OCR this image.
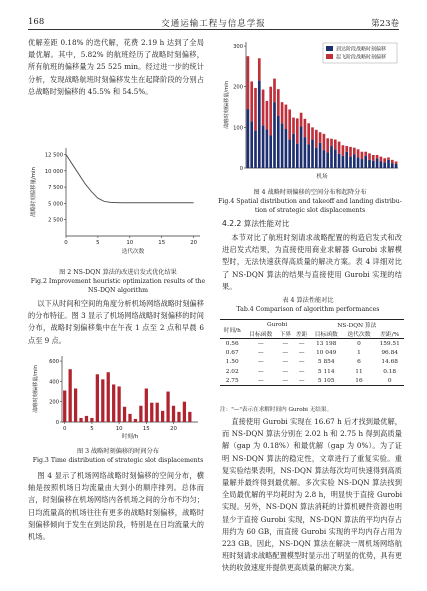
168	交通运输工程与信息学报	第23卷

优解差距 0.18% 的迭代解，花费 2.19 h 达到了全局最优解。其中，5.82% 的航班经历了战略时刻偏移，所有航班的偏移量为 25 525 min。经过进一步的统计分析，发现战略航班时刻偏移发生在起降阶段的分别占总战略时刻偏移的 45.5% 和 54.5%。

2 500
5 000
7 500
10 000
12 500
0	5	10	15	20
迭代次数
战略时刻偏移量/min
图 2 NS-DQN 算法的改进启发式优化结果
Fig.2 Improvement heuristic optimization results of the
NS-DQN algorithm

以下从时间和空间的角度分析机场网络战略时刻偏移的分布特征。图 3 显示了机场网络战略时刻偏移的时间分布，战略时刻偏移集中在午夜 1 点至 2 点和早晨 6 点至 9 点。

0
200
400
600
0	5	10	15	20
时刻/h
战略时刻偏移量/min
图 3 战略时刻偏移的时间分布
Fig.3 Time distribution of strategic slot displacements

图 4 显示了机场网络战略时刻偏移的空间分布，横轴是按照机场日均流量由大到小的顺序排列。总体而言，时刻偏移在机场网络内各机场之间的分布不均匀；日均流量高的机场往往有更多的战略时刻偏移，战略时刻偏移倾向于发生在到达阶段，特别是在日均流量大的机场。

0
100
200
300
机场
战略时刻偏移量/min
到达阶段战略时刻偏移
起飞阶段战略时刻偏移
图 4 战略时刻偏移的空间分布和起降分布
Fig.4 Spatial distribution and takeoff and landing distribu-
tion of strategic slot displacements
4.2.2 算法性能对比

本节对比了航班时刻请求战略配置的构造启发式和改进启发式结果，为直接使用商业求解器 Gurobi 求解模型时，无法快速获得高质量的解决方案。表 4 详细对比了 NS-DQN 算法的结果与直接使用 Gurobi 实现的结果。

表 4 算法性能对比
Tab.4 Comparison of algorithm performances
时间/h	Gurobi			NS-DQN 算法		
	目标函数	下界	差距	目标函数	迭代次数	差距/%
0.56	—	—	—	13 198	0	159.51
0.67	—	—	—	10 049	1	96.84
1.50	—	—	—	5 854	6	14.68
2.02	—	—	—	5 114	11	0.18
2.75	—	—	—	5 105	16	0
注："—"表示在求解时间内 Gurobi 无结果。

直接使用 Gurobi 实现在 16.67 h 后才找到最优解，而 NS-DQN 算法分别在 2.02 h 和 2.75 h 得到高质量解（gap 为 0.18%）和最优解（gap 为 0%）。为了证明 NS-DQN 算法的稳定性，文章进行了重复实验。重复实验结果表明，NS-DQN 算法每次均可快速得到高质量解并最终得到最优解。多次实验 NS-DQN 算法找到全局最优解的平均耗时为 2.8 h，明显快于直接 Gurobi 实现。另外，NS-DQN 算法消耗的计算机硬件资源也明显少于直接 Gurobi 实现，NS-DQN 算法的平均内存占用约为 60 GB，而直接 Gurobi 实现的平均内存占用为 223 GB。因此，NS-DQN 算法在解决一周机场网络航班时刻请求战略配置模型时显示出了明显的优势，具有更快的收敛速度并提供更高质量的解决方案。
